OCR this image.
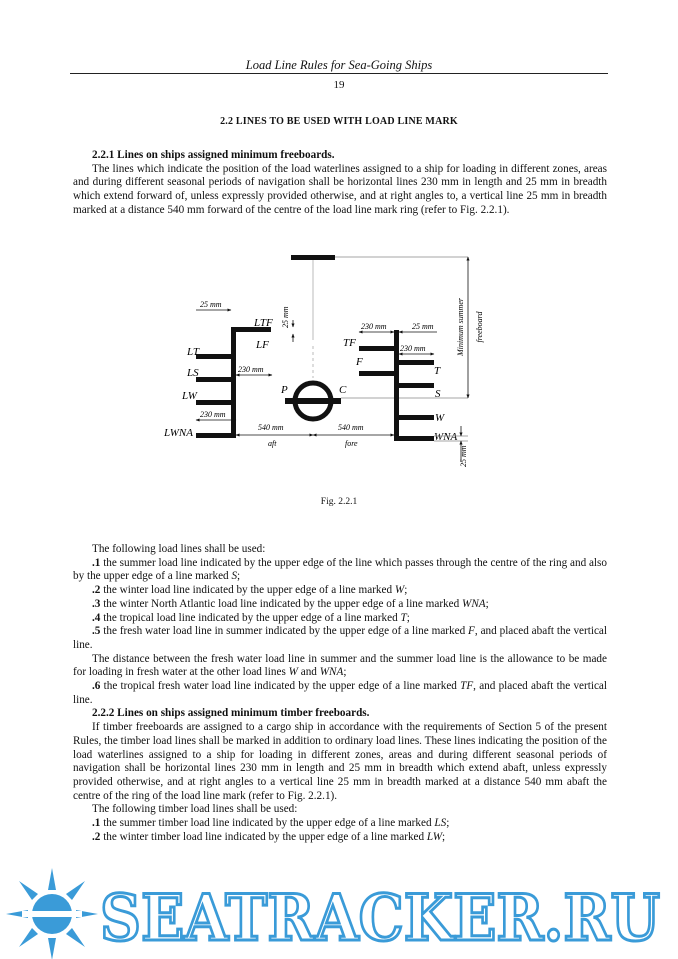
Load Line Rules for Sea-Going Ships
19
2.2 LINES TO BE USED WITH LOAD LINE MARK

2.2.1 Lines on ships assigned minimum freeboards.

The lines which indicate the position of the load waterlines assigned to a ship for loading in different zones, areas and during different seasonal periods of navigation shall be horizontal lines 230 mm in length and 25 mm in breadth which extend forward of, unless expressly provided otherwise, and at right angles to, a vertical line 25 mm in breadth marked at a distance 540 mm forward of the centre of the load line mark ring (refer to Fig. 2.2.1).

P	C
LTF
LF
LT
LS
LW
LWNA
25 mm
25 mm
230 mm
230 mm
540 mm
aft
TF
F
T
S
W
WNA
230 mm	25 mm
230 mm
540 mm
fore
Minimum summer freeboard
25 mm
Fig. 2.2.1

The following load lines shall be used:

.1 the summer load line indicated by the upper edge of the line which passes through the centre of the ring and also by the upper edge of a line marked S;

.2 the winter load line indicated by the upper edge of a line marked W;

.3 the winter North Atlantic load line indicated by the upper edge of a line marked WNA;

.4 the tropical load line indicated by the upper edge of a line marked T;

.5 the fresh water load line in summer indicated by the upper edge of a line marked F, and placed abaft the vertical line.

The distance between the fresh water load line in summer and the summer load line is the allowance to be made for loading in fresh water at the other load lines W and WNA;

.6 the tropical fresh water load line indicated by the upper edge of a line marked TF, and placed abaft the vertical line.

2.2.2 Lines on ships assigned minimum timber freeboards.

If timber freeboards are assigned to a cargo ship in accordance with the requirements of Section 5 of the present Rules, the timber load lines shall be marked in addition to ordinary load lines. These lines indicating the position of the load waterlines assigned to a ship for loading in different zones, areas and during different seasonal periods of navigation shall be horizontal lines 230 mm in length and 25 mm in breadth which extend abaft, unless expressly provided otherwise, and at right angles to a vertical line 25 mm in breadth marked at a distance 540 mm abaft the centre of the ring of the load line mark (refer to Fig. 2.2.1).

The following timber load lines shall be used:

.1 the summer timber load line indicated by the upper edge of a line marked LS;

.2 the winter timber load line indicated by the upper edge of a line marked LW;

SEATRACKER.RU
